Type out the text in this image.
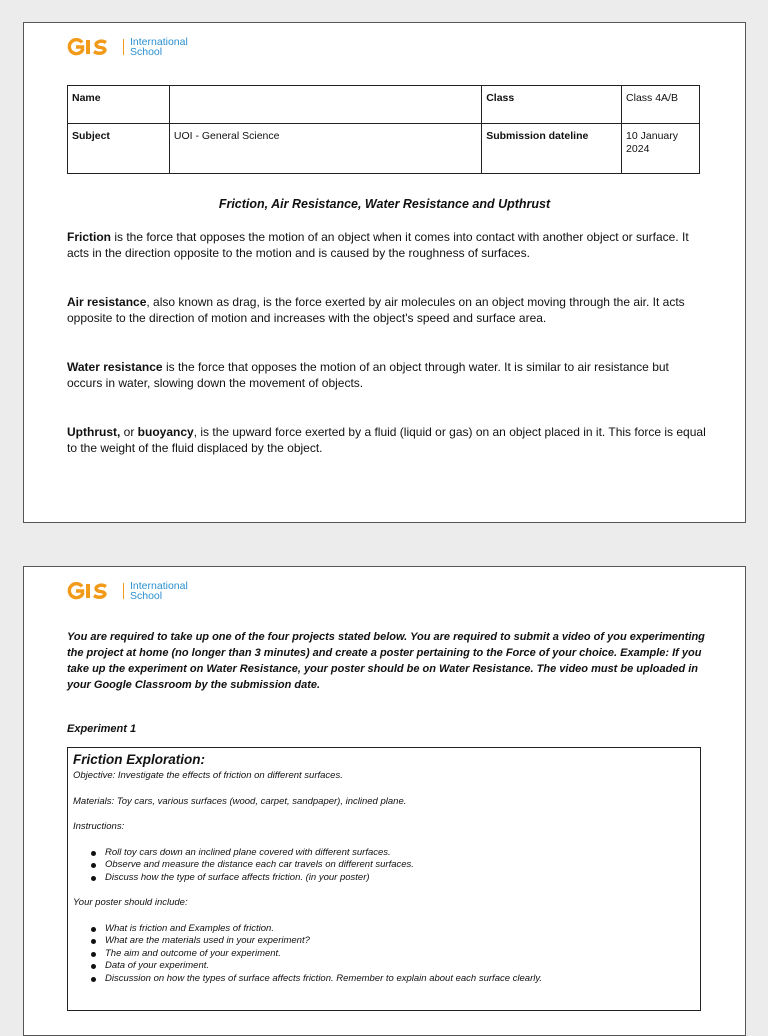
International
School
Name		Class	Class 4A/B
Subject	UOI - General Science	Submission dateline	10 January 2024
Friction, Air Resistance, Water Resistance and Upthrust
Friction is the force that opposes the motion of an object when it comes into contact with another object or surface. It acts in the direction opposite to the motion and is caused by the roughness of surfaces.
Air resistance, also known as drag, is the force exerted by air molecules on an object moving through the air. It acts opposite to the direction of motion and increases with the object's speed and surface area.
Water resistance is the force that opposes the motion of an object through water. It is similar to air resistance but occurs in water, slowing down the movement of objects.
Upthrust, or buoyancy, is the upward force exerted by a fluid (liquid or gas) on an object placed in it. This force is equal to the weight of the fluid displaced by the object.
International
School
You are required to take up one of the four projects stated below. You are required to submit a video of you experimenting the project at home (no longer than 3 minutes) and create a poster pertaining to the Force of your choice. Example: If you take up the experiment on Water Resistance, your poster should be on Water Resistance. The video must be uploaded in your Google Classroom by the submission date.
Experiment 1
Friction Exploration:

Objective: Investigate the effects of friction on different surfaces.

Materials: Toy cars, various surfaces (wood, carpet, sandpaper), inclined plane.

Instructions:

Roll toy cars down an inclined plane covered with different surfaces.
Observe and measure the distance each car travels on different surfaces.
Discuss how the type of surface affects friction. (in your poster)

Your poster should include:

What is friction and Examples of friction.
What are the materials used in your experiment?
The aim and outcome of your experiment.
Data of your experiment.
Discussion on how the types of surface affects friction. Remember to explain about each surface clearly.
